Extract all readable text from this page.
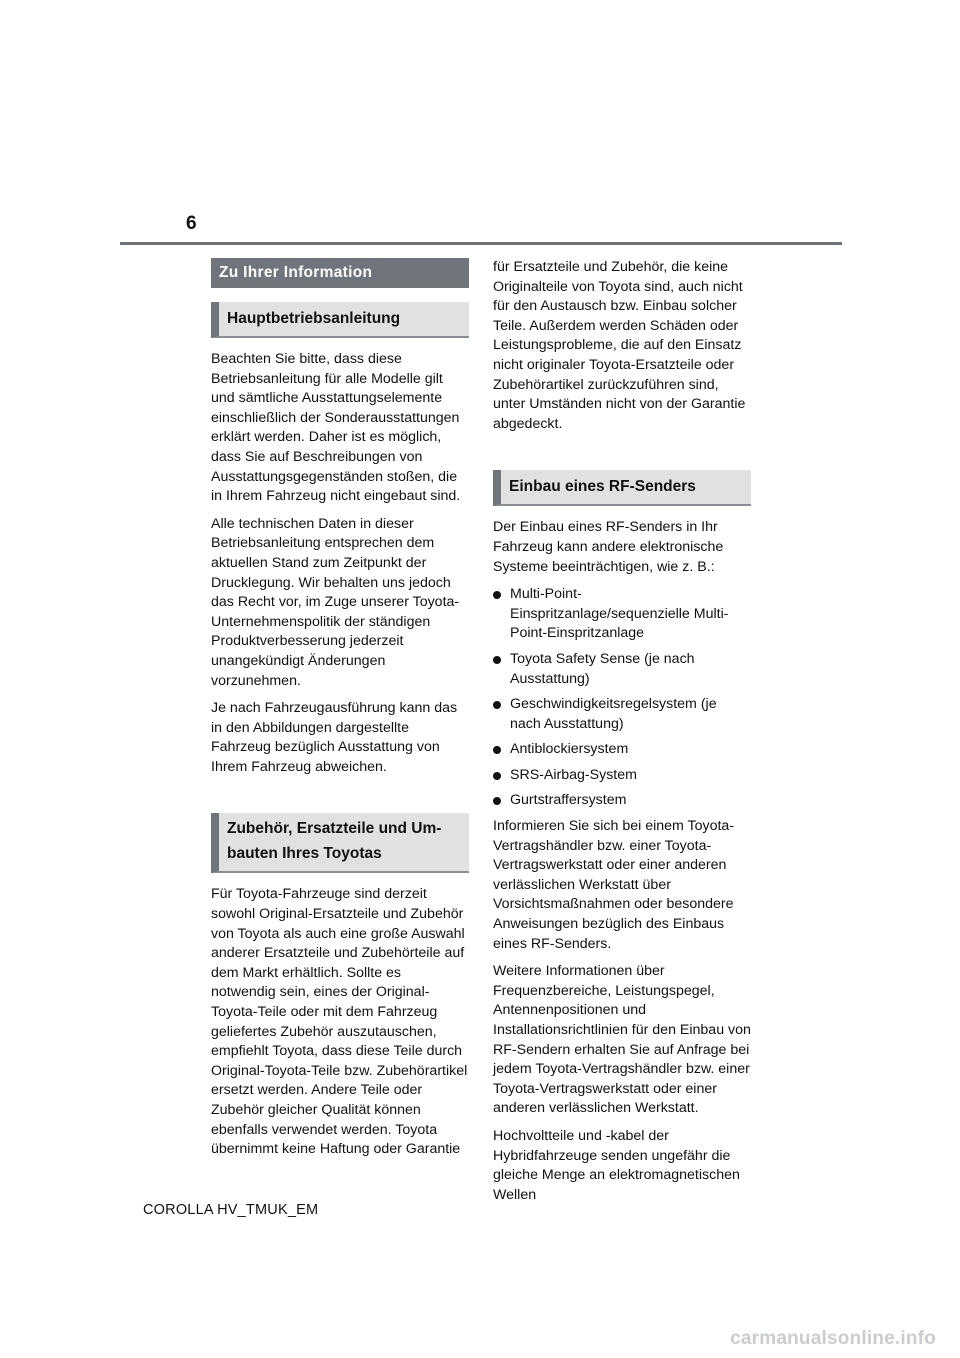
6
Zu Ihrer Information
Hauptbetriebsanleitung

Beachten Sie bitte, dass diese Betriebsanleitung für alle Modelle gilt und sämtliche Ausstattungselemente einschließlich der Sonderausstattungen erklärt werden. Daher ist es möglich, dass Sie auf Beschreibungen von Ausstattungsgegenständen stoßen, die in Ihrem Fahrzeug nicht eingebaut sind.

Alle technischen Daten in dieser Betriebsanleitung entsprechen dem aktuellen Stand zum Zeitpunkt der Drucklegung. Wir behalten uns jedoch das Recht vor, im Zuge unserer Toyota-Unternehmenspolitik der ständigen Produktverbesserung jederzeit unangekündigt Änderungen vorzunehmen.

Je nach Fahrzeugausführung kann das in den Abbildungen dargestellte Fahrzeug bezüglich Ausstattung von Ihrem Fahrzeug abweichen.

Zubehör, Ersatzteile und Um-
bauten Ihres Toyotas

Für Toyota-Fahrzeuge sind derzeit sowohl Original-Ersatzteile und Zubehör von Toyota als auch eine große Auswahl anderer Ersatzteile und Zubehörteile auf dem Markt erhältlich. Sollte es notwendig sein, eines der Original-Toyota-Teile oder mit dem Fahrzeug geliefertes Zubehör auszutauschen, empfiehlt Toyota, dass diese Teile durch Original-Toyota-Teile bzw. Zubehörartikel ersetzt werden. Andere Teile oder Zubehör gleicher Qualität können ebenfalls verwendet werden. Toyota übernimmt keine Haftung oder Garantie

für Ersatzteile und Zubehör, die keine Originalteile von Toyota sind, auch nicht für den Austausch bzw. Einbau solcher Teile. Außerdem werden Schäden oder Leistungsprobleme, die auf den Einsatz nicht originaler Toyota-Ersatzteile oder Zubehörartikel zurückzuführen sind, unter Umständen nicht von der Garantie abgedeckt.

Einbau eines RF-Senders

Der Einbau eines RF-Senders in Ihr Fahrzeug kann andere elektronische Systeme beeinträchtigen, wie z. B.:

Multi-Point-Einspritzanlage/sequenzielle Multi-Point-Einspritzanlage
Toyota Safety Sense (je nach Ausstattung)
Geschwindigkeitsregelsystem (je nach Ausstattung)
Antiblockiersystem
SRS-Airbag-System
Gurtstraffersystem

Informieren Sie sich bei einem Toyota-Vertragshändler bzw. einer Toyota-Vertragswerkstatt oder einer anderen verlässlichen Werkstatt über Vorsichtsmaßnahmen oder besondere Anweisungen bezüglich des Einbaus eines RF-Senders.

Weitere Informationen über Frequenzbereiche, Leistungspegel, Antennenpositionen und Installationsrichtlinien für den Einbau von RF-Sendern erhalten Sie auf Anfrage bei jedem Toyota-Vertragshändler bzw. einer Toyota-Vertragswerkstatt oder einer anderen verlässlichen Werkstatt.

Hochvoltteile und -kabel der Hybridfahrzeuge senden ungefähr die gleiche Menge an elektromagnetischen Wellen

COROLLA HV_TMUK_EM
carmanualsonline.info
